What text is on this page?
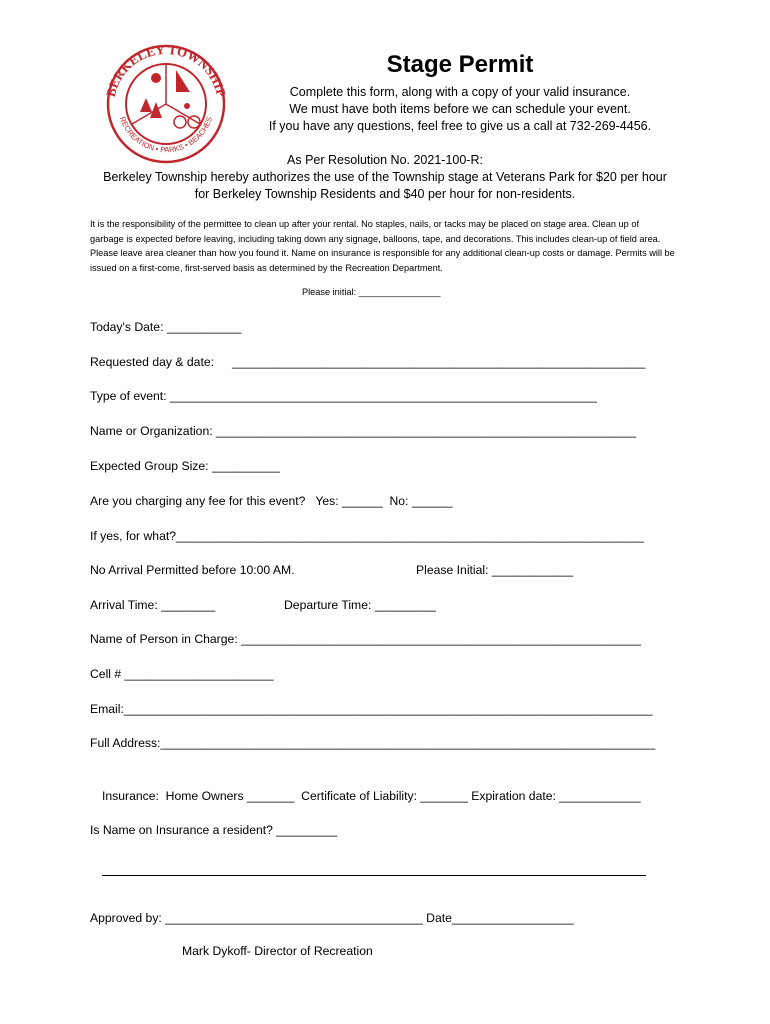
BERKELEY TOWNSHIP
RECREATION • PARKS • BEACHES
Stage Permit
Complete this form, along with a copy of your valid insurance.
We must have both items before we can schedule your event.
If you have any questions, feel free to give us a call at 732-269-4456.
As Per Resolution No. 2021-100-R:
Berkeley Township hereby authorizes the use of the Township stage at Veterans Park for $20 per hour
for Berkeley Township Residents and $40 per hour for non-residents.
It is the responsibility of the permittee to clean up after your rental. No staples, nails, or tacks may be placed on stage area. Clean up of garbage is expected before leaving, including taking down any signage, balloons, tape, and decorations. This includes clean-up of field area. Please leave area cleaner than how you found it. Name on insurance is responsible for any additional clean-up costs or damage. Permits will be issued on a first-come, first-served basis as determined by the Recreation Department.
Please initial: ________________
Today's Date: ___________
Requested day & date: _____________________________________________________________
Type of event: _______________________________________________________________
Name or Organization: ______________________________________________________________
Expected Group Size: __________
Are you charging any fee for this event?   Yes: ______  No: ______
If yes, for what?_____________________________________________________________________
No Arrival Permitted before 10:00 AM.	Please Initial: ____________
Arrival Time: ________	Departure Time: _________
Name of Person in Charge: ___________________________________________________________
Cell # ______________________
Email:______________________________________________________________________________
Full Address:_________________________________________________________________________
Insurance:  Home Owners _______  Certificate of Liability: _______ Expiration date: ____________
Is Name on Insurance a resident? _________
Approved by: ______________________________________ Date__________________
Mark Dykoff- Director of Recreation
